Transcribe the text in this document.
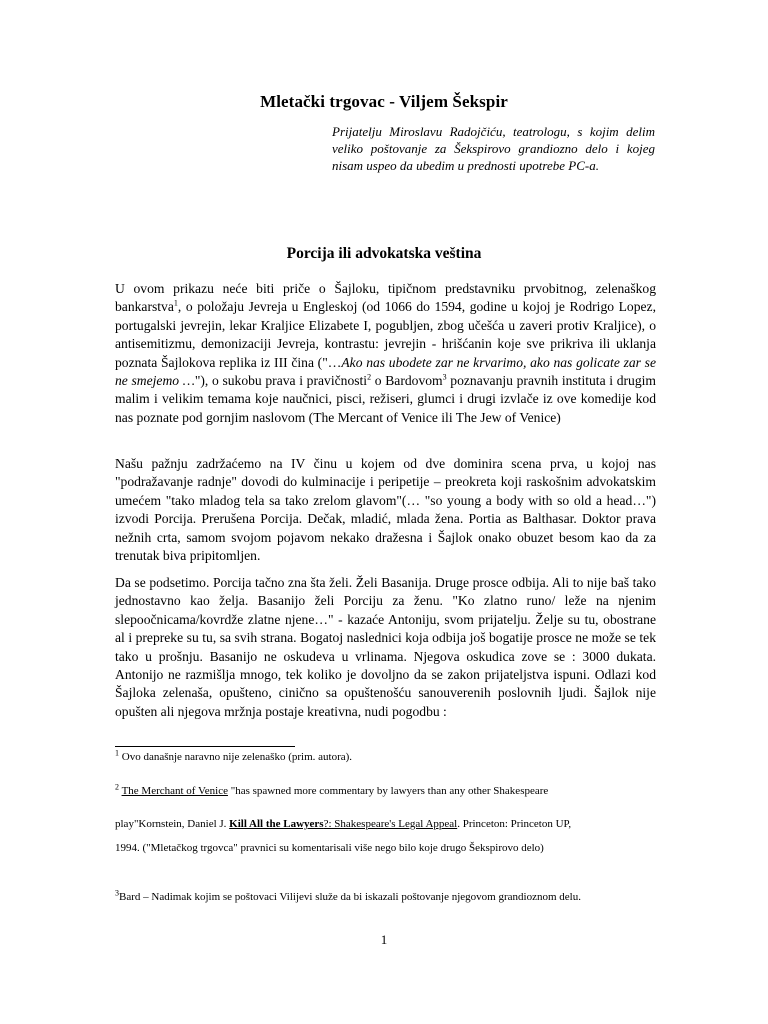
Mletački trgovac - Viljem Šekspir
Prijatelju Miroslavu Radojčiću, teatrologu, s kojim delim veliko poštovanje za Šekspirovo grandiozno delo i kojeg nisam uspeo da ubedim u prednosti upotrebe PC-a.
Porcija ili advokatska veština

U ovom prikazu neće biti priče o Šajloku, tipičnom predstavniku prvobitnog, zelenaškog bankarstva$^1$, o položaju Jevreja u Engleskoj (od 1066 do 1594, godine u kojoj je Rodrigo Lopez, portugalski jevrejin, lekar Kraljice Elizabete I, pogubljen, zbog učešća u zaveri protiv Kraljice), o antisemitizmu, demonizaciji Jevreja, kontrastu: jevrejin - hrišćanin koje sve prikriva ili uklanja poznata Šajlokova replika iz III čina ("…Ako nas ubodete zar ne krvarimo, ako nas golicate zar se ne smejemo …"), o sukobu prava i pravičnosti$^2$ o Bardovom$^3$ poznavanju pravnih instituta i drugim malim i velikim temama koje naučnici, pisci, režiseri, glumci i drugi izvlače iz ove komedije kod nas poznate pod gornjim naslovom (The Mercant of Venice ili The Jew of Venice)

Našu pažnju zadržaćemo na IV činu u kojem od dve dominira scena prva, u kojoj nas "podražavanje radnje" dovodi do kulminacije i peripetije – preokreta koji raskošnim advokatskim umećem "tako mladog tela sa tako zrelom glavom"(… "so young a body with so old a head…") izvodi Porcija. Prerušena Porcija. Dečak, mladić, mlada žena. Portia as Balthasar. Doktor prava nežnih crta, samom svojom pojavom nekako dražesna i Šajlok onako obuzet besom kao da za trenutak biva pripitomljen.

Da se podsetimo. Porcija tačno zna šta želi. Želi Basanija. Druge prosce odbija. Ali to nije baš tako jednostavno kao želja. Basanijo želi Porciju za ženu. "Ko zlatno runo/ leže na njenim slepoočnicama/kovrdže zlatne njene…" - kazaće Antoniju, svom prijatelju. Želje su tu, obostrane al i prepreke su tu, sa svih strana. Bogatoj naslednici koja odbija još bogatije prosce ne može se tek tako u prošnju. Basanijo ne oskudeva u vrlinama. Njegova oskudica zove se : 3000 dukata. Antonijo ne razmišlja mnogo, tek koliko je dovoljno da se zakon prijateljstva ispuni. Odlazi kod Šajloka zelenaša, opušteno, cinično sa opuštenošću sanouverenih poslovnih ljudi. Šajlok nije opušten ali njegova mržnja postaje kreativna, nudi pogodbu :

$^1$ Ovo današnje naravno nije zelenaško (prim. autora).
$^2$ The Merchant of Venice "has spawned more commentary by lawyers than any other Shakespeare
play"Kornstein, Daniel J. Kill All the Lawyers?: Shakespeare's Legal Appeal. Princeton: Princeton UP,
1994. ("Mletačkog trgovca" pravnici su komentarisali više nego bilo koje drugo Šekspirovo delo)
$^3$Bard – Nadimak kojim se poštovaci Vilijevi služe da bi iskazali poštovanje njegovom grandioznom delu.
1
